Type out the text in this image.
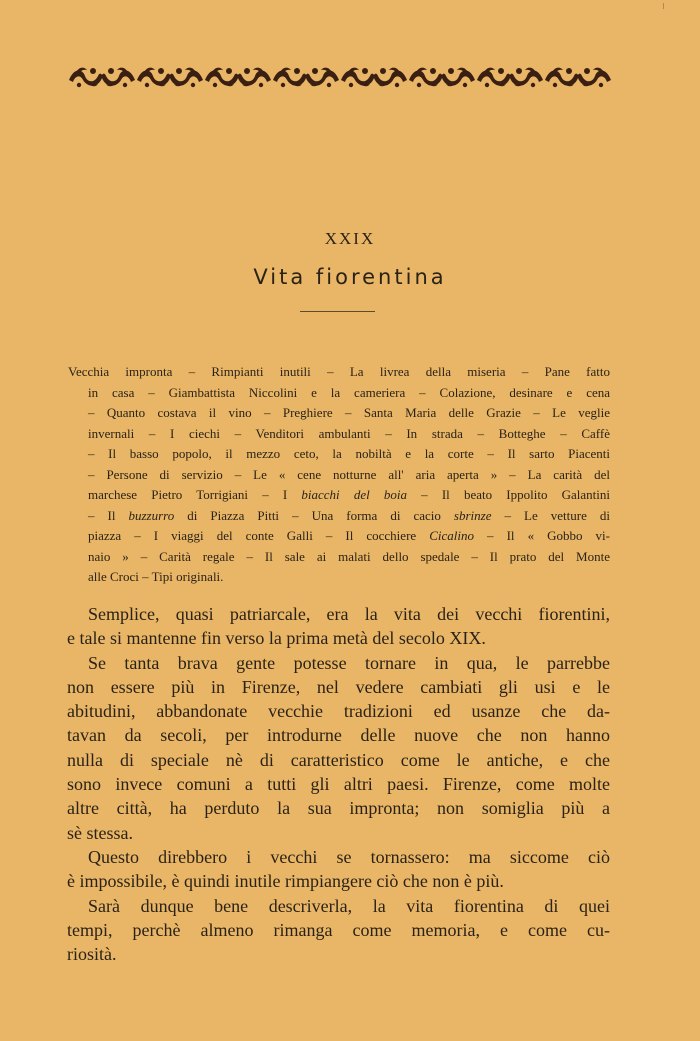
XXIX
Vita fiorentina
Vecchia impronta – Rimpianti inutili – La livrea della miseria – Pane fatto
in casa – Giambattista Niccolini e la cameriera – Colazione, desinare e cena
– Quanto costava il vino – Preghiere – Santa Maria delle Grazie – Le veglie
invernali – I ciechi – Venditori ambulanti – In strada – Botteghe – Caffè
– Il basso popolo, il mezzo ceto, la nobiltà e la corte – Il sarto Piacenti
– Persone di servizio – Le « cene notturne all' aria aperta » – La carità del
marchese Pietro Torrigiani – I biacchi del boia – Il beato Ippolito Galantini
– Il buzzurro di Piazza Pitti – Una forma di cacio sbrinze – Le vetture di
piazza – I viaggi del conte Galli – Il cocchiere Cicalino – Il « Gobbo vi-
naio » – Carità regale – Il sale ai malati dello spedale – Il prato del Monte
alle Croci – Tipi originali.
Semplice, quasi patriarcale, era la vita dei vecchi fiorentini,
e tale si mantenne fin verso la prima metà del secolo XIX.
Se tanta brava gente potesse tornare in qua, le parrebbe
non essere più in Firenze, nel vedere cambiati gli usi e le
abitudini, abbandonate vecchie tradizioni ed usanze che da-
tavan da secoli, per introdurne delle nuove che non hanno
nulla di speciale nè di caratteristico come le antiche, e che
sono invece comuni a tutti gli altri paesi. Firenze, come molte
altre città, ha perduto la sua impronta; non somiglia più a
sè stessa.
Questo direbbero i vecchi se tornassero: ma siccome ciò
è impossibile, è quindi inutile rimpiangere ciò che non è più.
Sarà dunque bene descriverla, la vita fiorentina di quei
tempi, perchè almeno rimanga come memoria, e come cu-
riosità.
